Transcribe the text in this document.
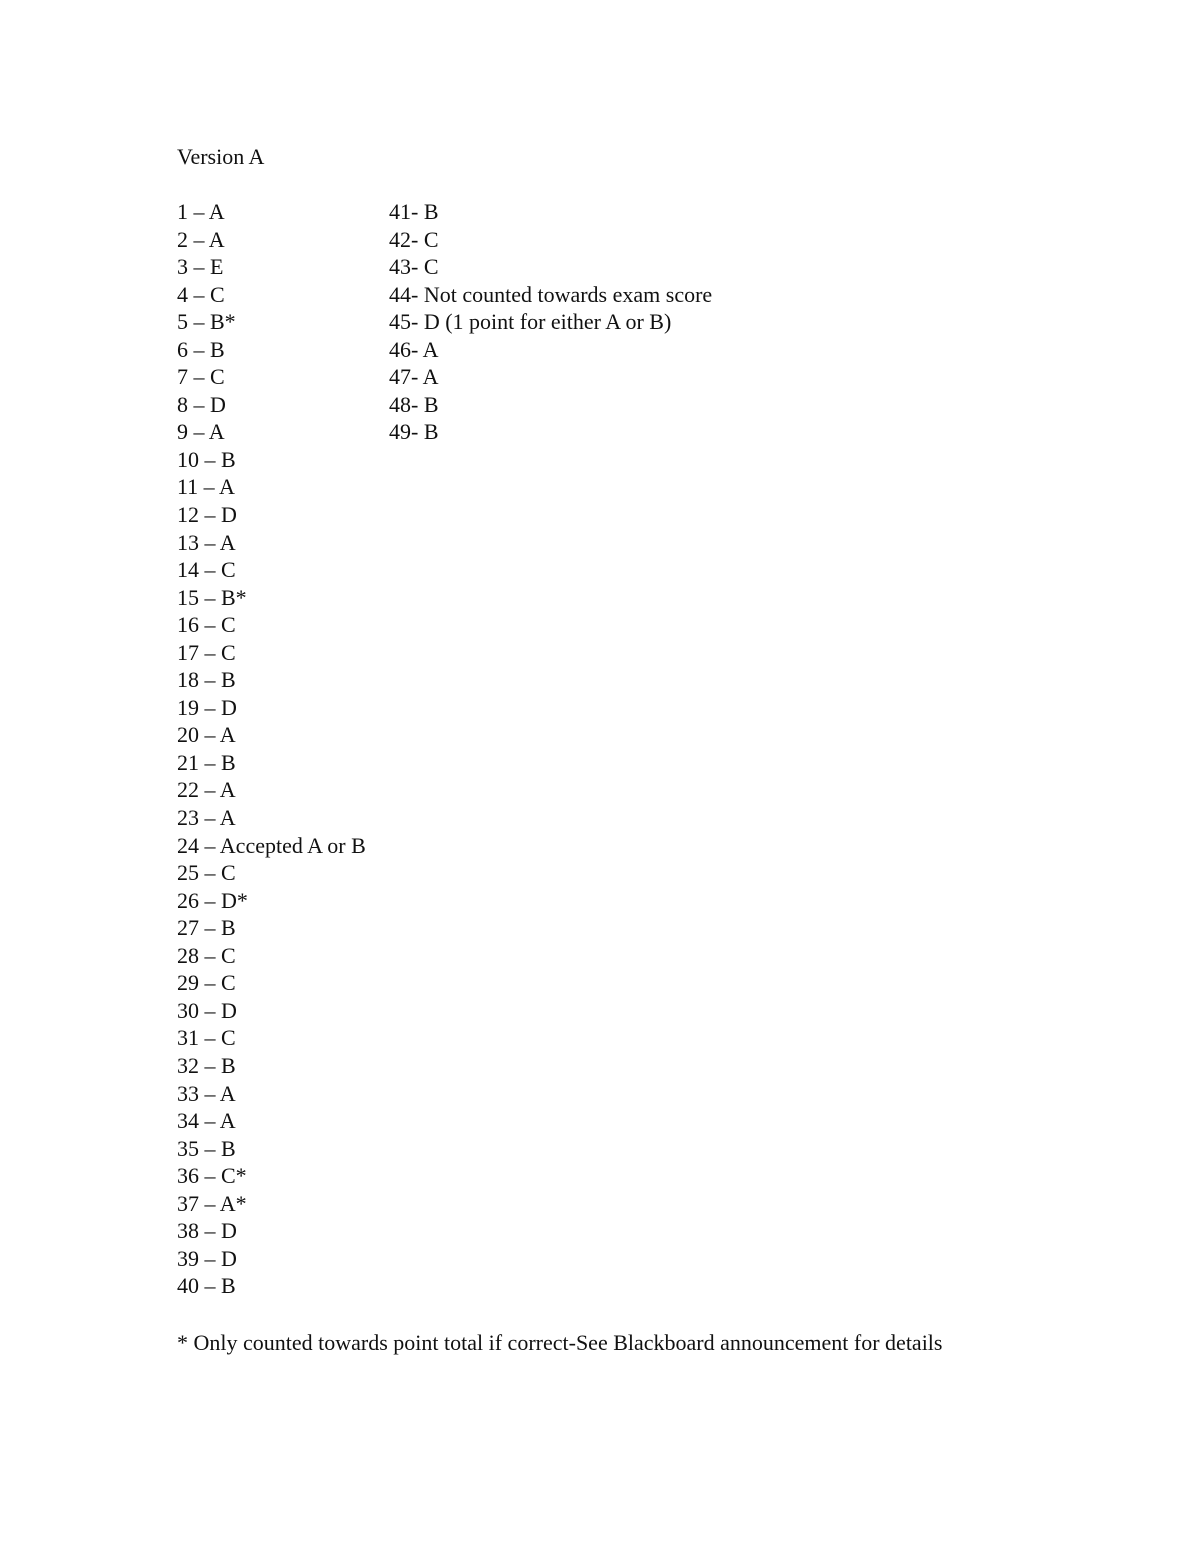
Version A
1 – A
2 – A
3 – E
4 – C
5 – B*
6 – B
7 – C
8 – D
9 – A
10 – B
11 – A
12 – D
13 – A
14 – C
15 – B*
16 – C
17 – C
18 – B
19 – D
20 – A
21 – B
22 – A
23 – A
24 – Accepted A or B
25 – C
26 – D*
27 – B
28 – C
29 – C
30 – D
31 – C
32 – B
33 – A
34 – A
35 – B
36 – C*
37 – A*
38 – D
39 – D
40 – B
41- B
42- C
43- C
44- Not counted towards exam score
45- D (1 point for either A or B)
46- A
47- A
48- B
49- B
* Only counted towards point total if correct-See Blackboard announcement for details
